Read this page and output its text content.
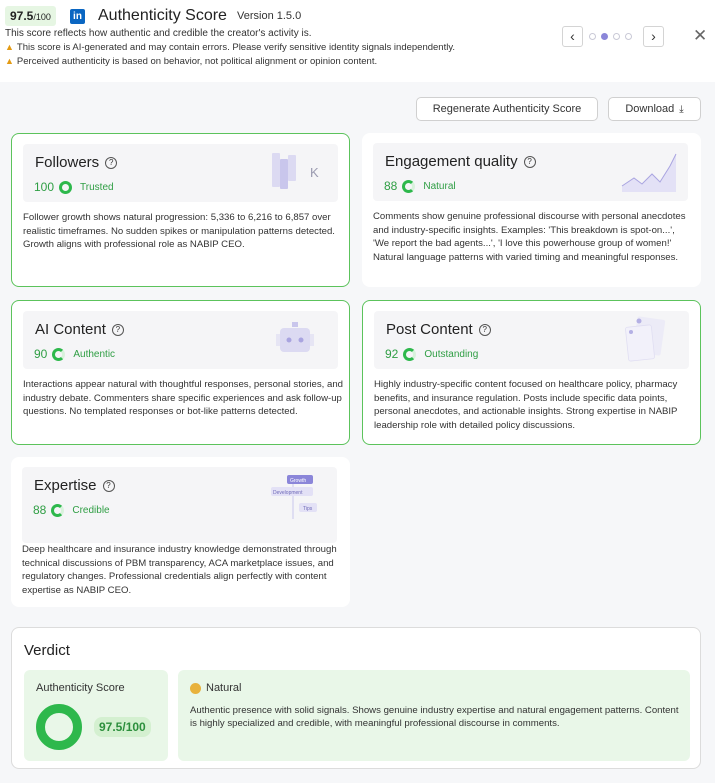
97.5/100	in Authenticity Score Version 1.5.0
This score reflects how authentic and credible the creator's activity is.
▲ This score is AI-generated and may contain errors. Please verify sensitive identity signals independently.
▲ Perceived authenticity is based on behavior, not political alignment or opinion content.
‹	›	✕
Regenerate Authenticity Score	Download ⤓
Followers ?
100	Trusted
K
Follower growth shows natural progression: 5,336 to 6,216 to 6,857 over realistic timeframes. No sudden spikes or manipulation patterns detected. Growth aligns with professional role as NABIP CEO.
Engagement quality ?
88	Natural
Comments show genuine professional discourse with personal anecdotes and industry-specific insights. Examples: 'This breakdown is spot-on...', 'We report the bad agents...', 'I love this powerhouse group of women!' Natural language patterns with varied timing and meaningful responses.
AI Content ?
90	Authentic
Interactions appear natural with thoughtful responses, personal stories, and industry debate. Commenters share specific experiences and ask follow-up questions. No templated responses or bot-like patterns detected.
Post Content ?
92	Outstanding
Highly industry-specific content focused on healthcare policy, pharmacy benefits, and insurance regulation. Posts include specific data points, personal anecdotes, and actionable insights. Strong expertise in NABIP leadership role with detailed policy discussions.
Expertise ?
88	Credible
Growth
Development
Tips
Deep healthcare and insurance industry knowledge demonstrated through technical discussions of PBM transparency, ACA marketplace issues, and regulatory changes. Professional credentials align perfectly with content expertise as NABIP CEO.
Verdict
Authenticity Score
97.5/100
Natural
Authentic presence with solid signals. Shows genuine industry expertise and natural engagement patterns. Content is highly specialized and credible, with meaningful professional discourse in comments.
